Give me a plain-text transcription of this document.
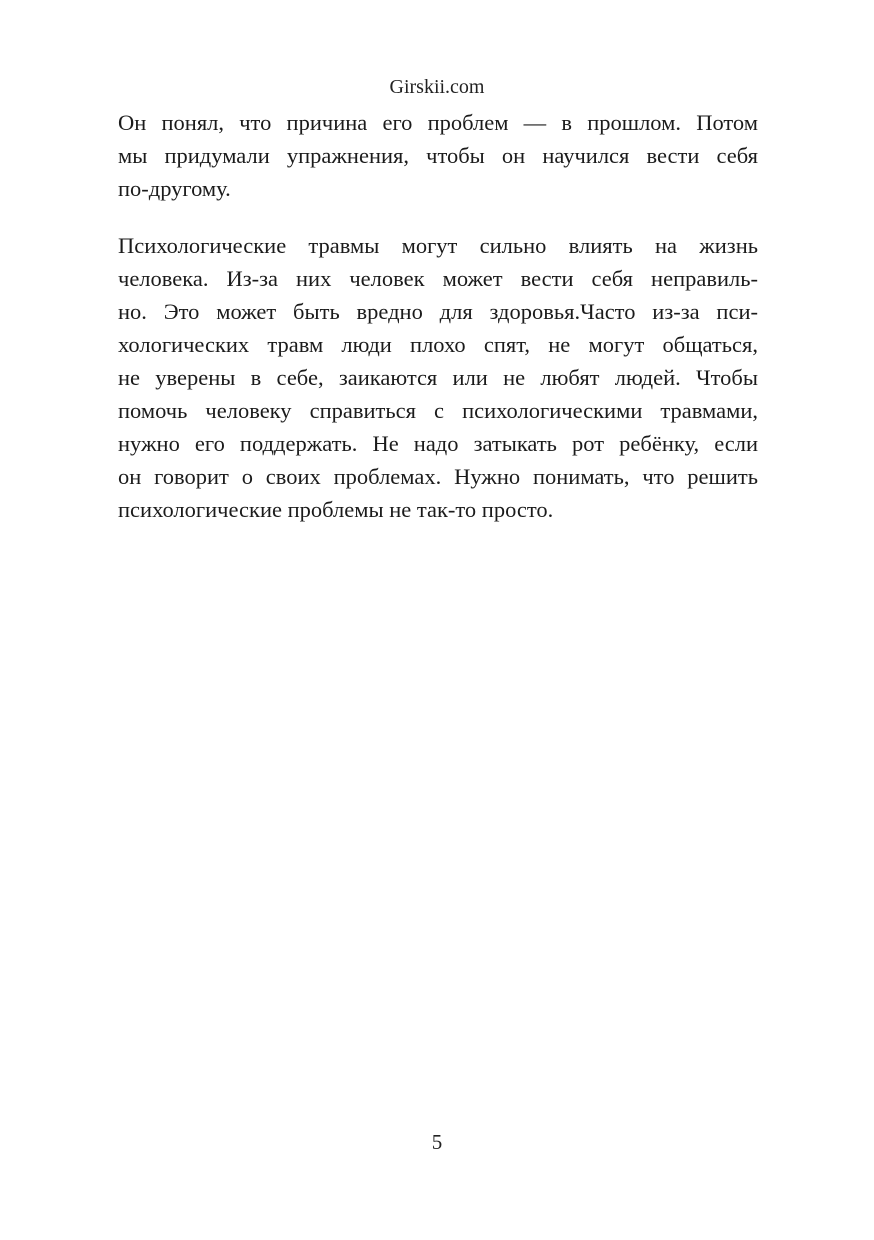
Girskii.com

Он понял, что причина его проблем — в прошлом. Потом
мы придумали упражнения, чтобы он научился вести себя
по-другому.

Психологические травмы могут сильно влиять на жизнь
человека. Из-за них человек может вести себя неправиль-
но. Это может быть вредно для здоровья.Часто из-за пси-
хологических травм люди плохо спят, не могут общаться,
не уверены в себе, заикаются или не любят людей. Чтобы
помочь человеку справиться с психологическими травмами,
нужно его поддержать. Не надо затыкать рот ребёнку, если
он говорит о своих проблемах. Нужно понимать, что решить
психологические проблемы не так-то просто.

5
